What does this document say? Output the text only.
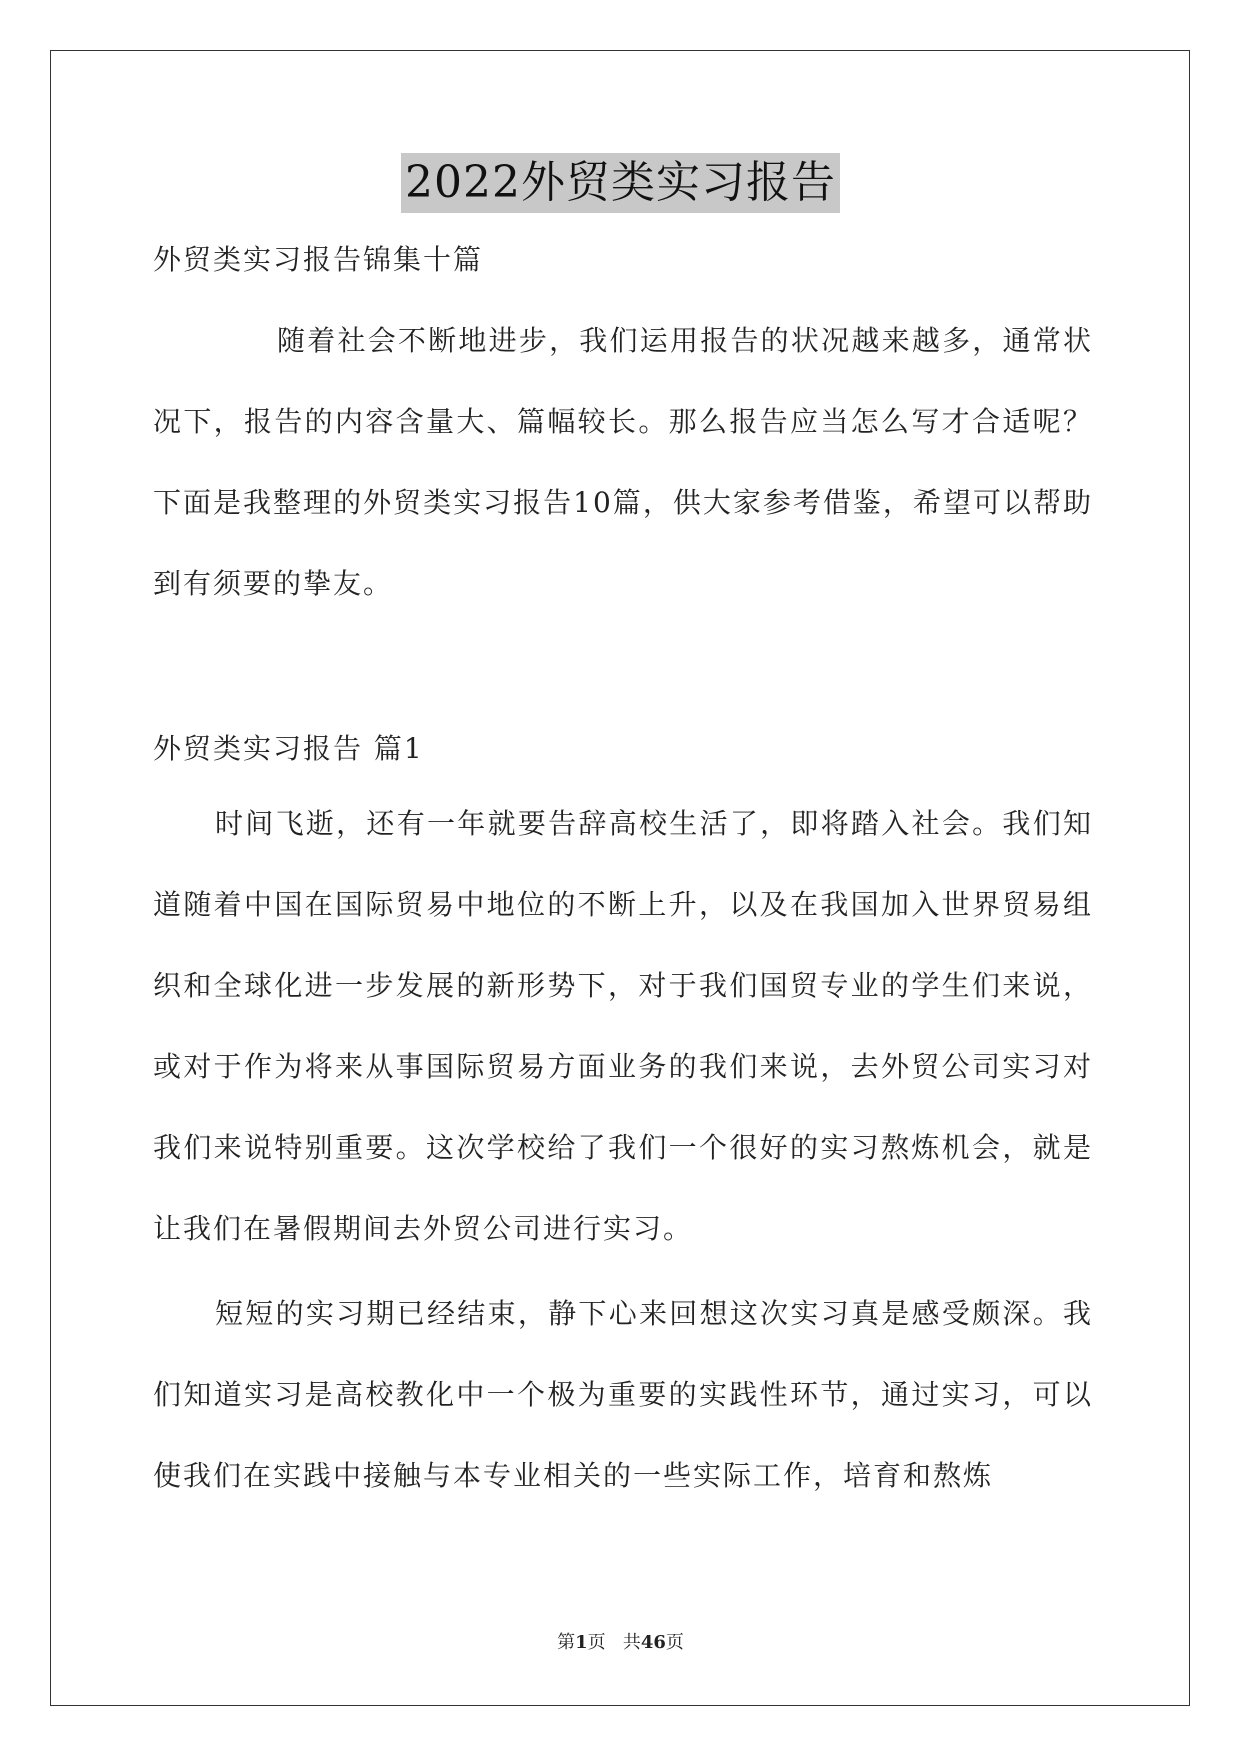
2022外贸类实习报告

外贸类实习报告锦集十篇

随着社会不断地进步，我们运用报告的状况越来越多，通常状况下，报告的内容含量大、篇幅较长。那么报告应当怎么写才合适呢？下面是我整理的外贸类实习报告10篇，供大家参考借鉴，希望可以帮助到有须要的挚友。

外贸类实习报告 篇1

时间飞逝，还有一年就要告辞高校生活了，即将踏入社会。我们知道随着中国在国际贸易中地位的不断上升，以及在我国加入世界贸易组织和全球化进一步发展的新形势下，对于我们国贸专业的学生们来说，或对于作为将来从事国际贸易方面业务的我们来说，去外贸公司实习对我们来说特别重要。这次学校给了我们一个很好的实习熬炼机会，就是让我们在暑假期间去外贸公司进行实习。

短短的实习期已经结束，静下心来回想这次实习真是感受颇深。我们知道实习是高校教化中一个极为重要的实践性环节，通过实习，可以使我们在实践中接触与本专业相关的一些实际工作，培育和熬炼

第1页 共46页
